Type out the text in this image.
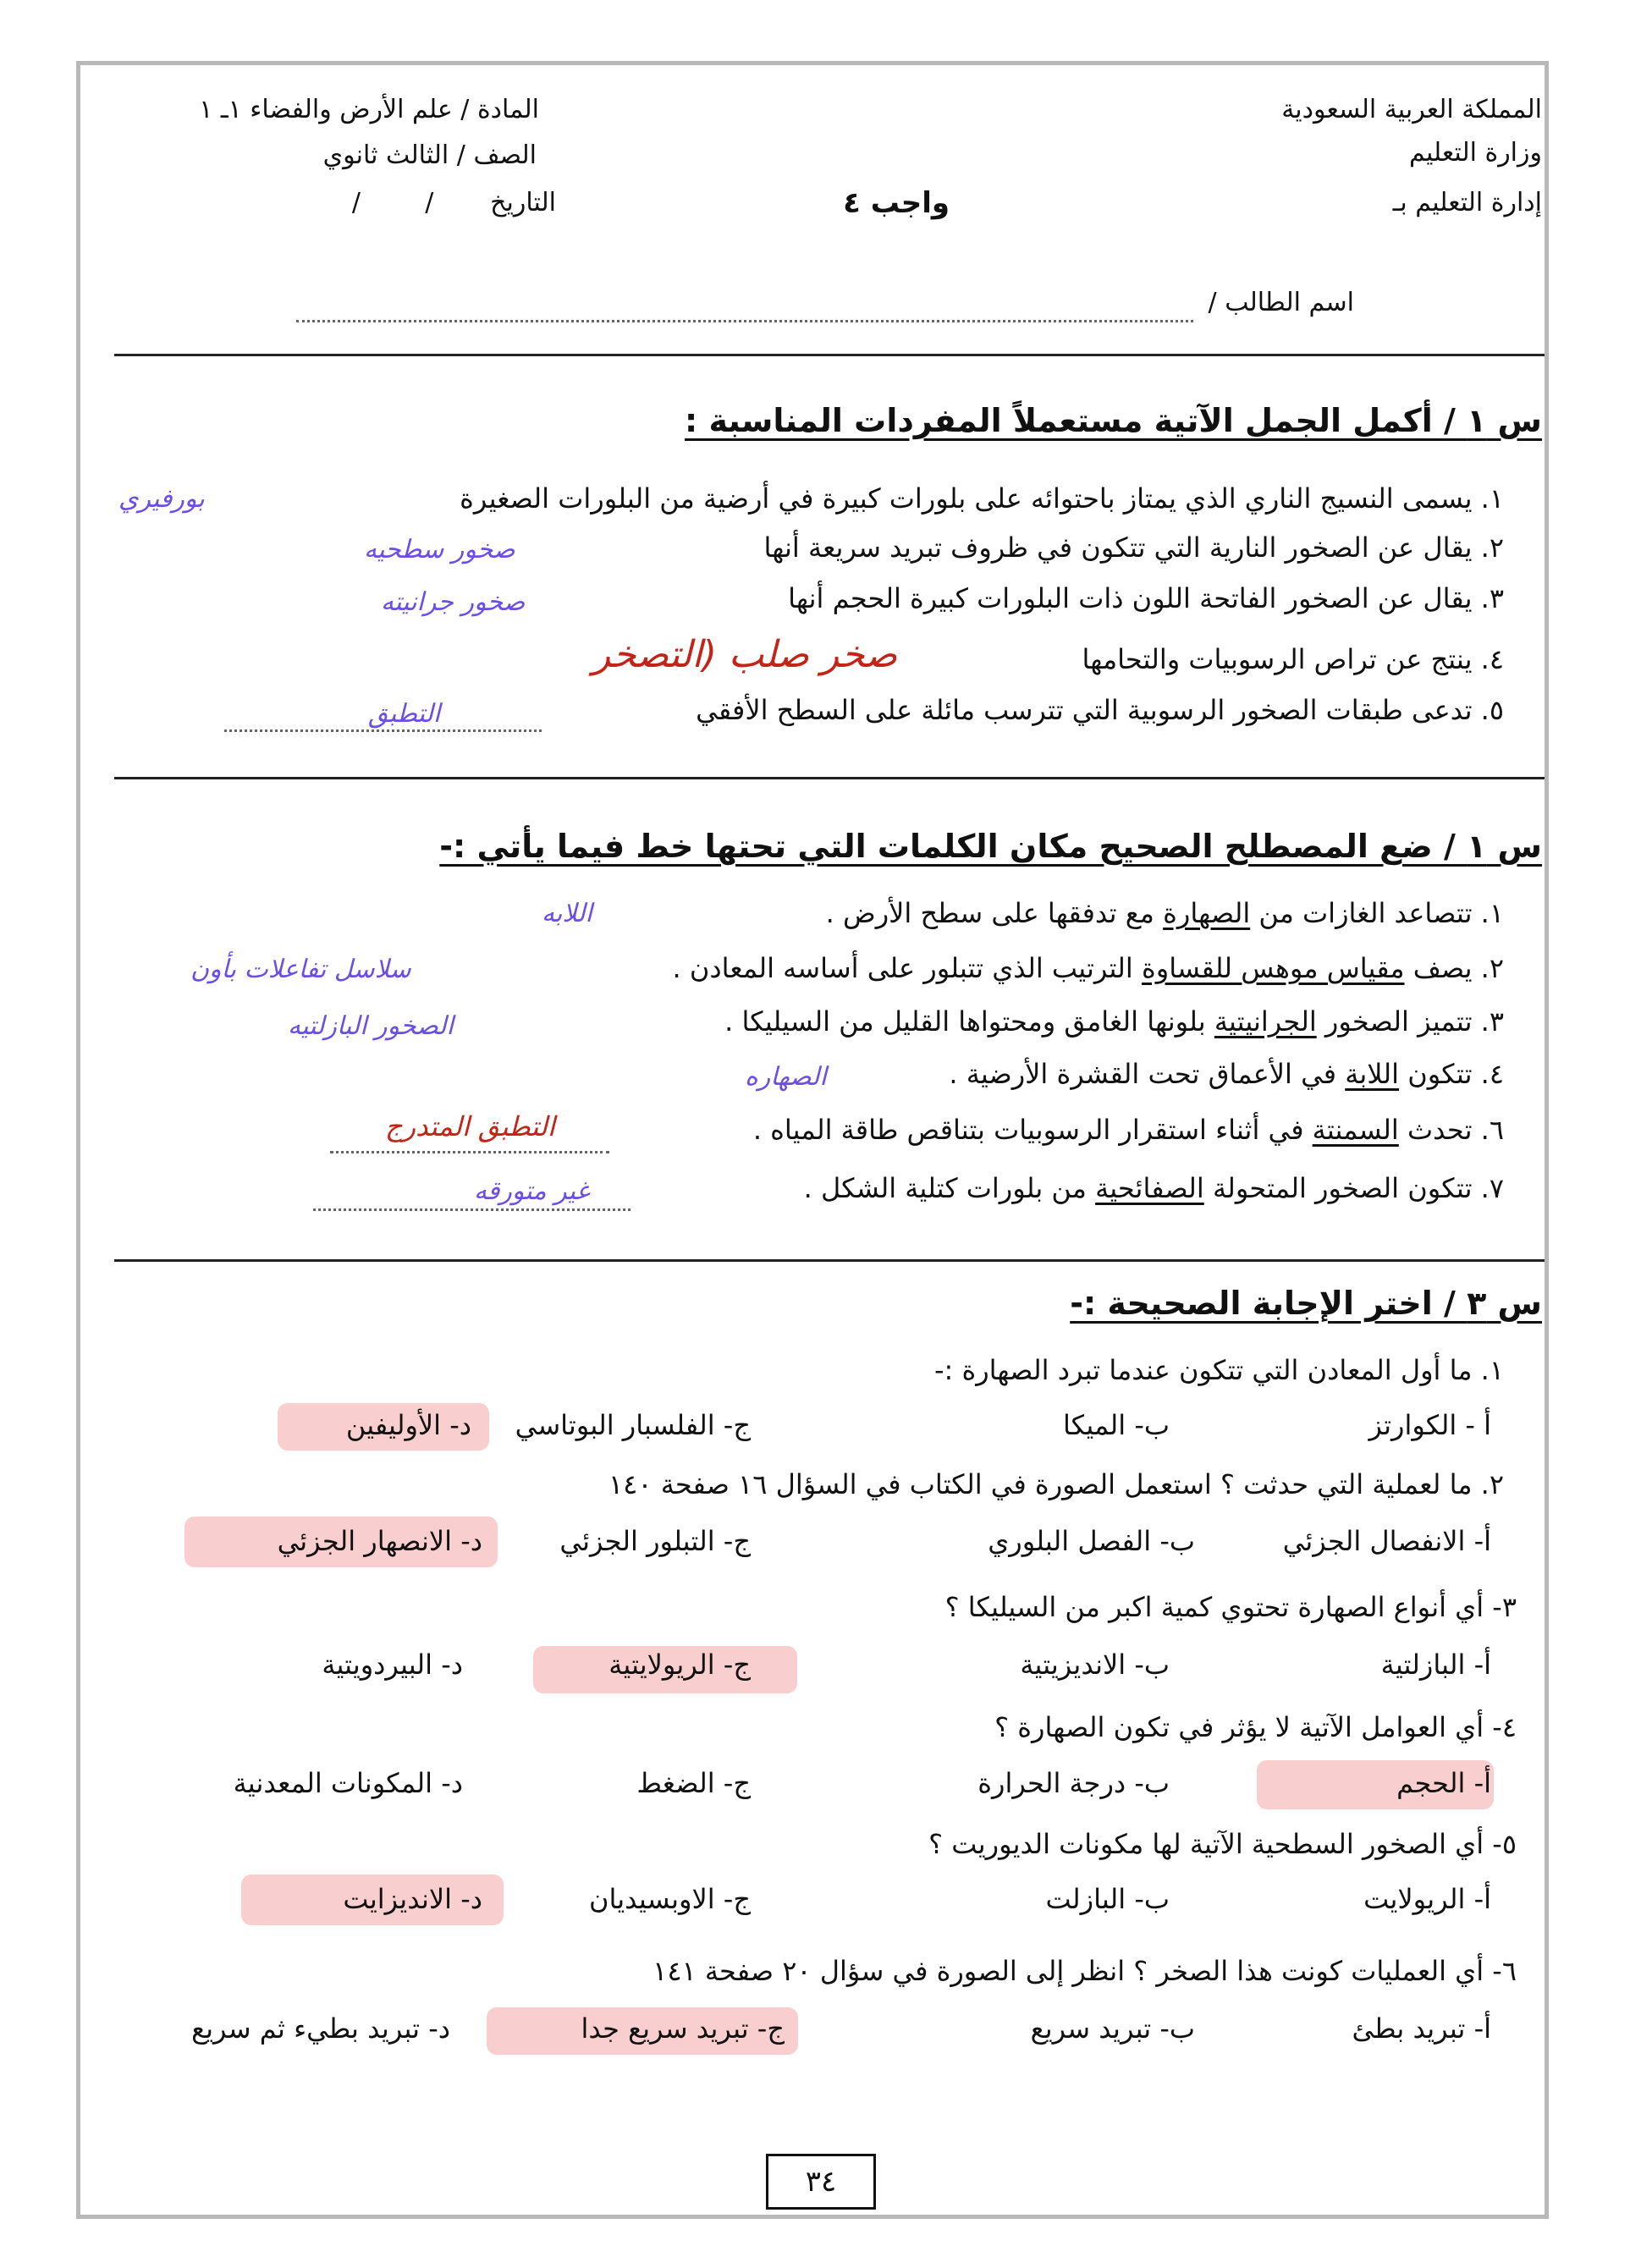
المملكة العربية السعودية
وزارة التعليم
إدارة التعليم بـ
المادة / علم الأرض والفضاء ١ـ ١
الصف / الثالث ثانوي
التاريخ       /        /	واجب ٤
اسم الطالب /
س ١ / أكمل الجمل الآتية مستعملاً المفردات المناسبة :
١. يسمى النسيج الناري الذي يمتاز باحتوائه على بلورات كبيرة في أرضية من البلورات الصغيرة
بورفيري
٢. يقال عن الصخور النارية التي تتكون في ظروف تبريد سريعة أنها
صخور سطحيه
٣. يقال عن الصخور الفاتحة اللون ذات البلورات كبيرة الحجم أنها
صخور جرانيته
٤. ينتج عن تراص الرسوبيات والتحامها
صخر صلب (التصخر
٥. تدعى طبقات الصخور الرسوبية التي تترسب مائلة على السطح الأفقي
التطبق
س ١ / ضع المصطلح الصحيح مكان الكلمات التي تحتها خط فيما يأتي :-
١. تتصاعد الغازات من الصهارة مع تدفقها على سطح الأرض .
اللابه
٢. يصف مقياس موهس للقساوة الترتيب الذي تتبلور على أساسه المعادن .
سلاسل تفاعلات بأون
٣. تتميز الصخور الجرانيتية بلونها الغامق ومحتواها القليل من السيليكا .
الصخور البازلتيه
٤. تتكون اللابة في الأعماق تحت القشرة الأرضية .
الصهاره
٦. تحدث السمنتة في أثناء استقرار الرسوبيات بتناقص طاقة المياه .
التطبق المتدرج
٧. تتكون الصخور المتحولة الصفائحية من بلورات كتلية الشكل .
غير متورقه
س ٣ / اختر الإجابة الصحيحة :-
١. ما أول المعادن التي تتكون عندما تبرد الصهارة :-
أ - الكوارتز
ب- الميكا
ج- الفلسبار البوتاسي
د- الأوليفين
٢. ما لعملية التي حدثت ؟ استعمل الصورة في الكتاب في السؤال ١٦ صفحة ١٤٠
أ- الانفصال الجزئي
ب- الفصل البلوري
ج- التبلور الجزئي
د- الانصهار الجزئي
٣- أي أنواع الصهارة تحتوي كمية اكبر من السيليكا ؟
أ- البازلتية
ب- الانديزيتية
ج- الريولايتية
د- البيردويتية
٤- أي العوامل الآتية لا يؤثر في تكون الصهارة ؟
أ- الحجم
ب- درجة الحرارة
ج- الضغط
د- المكونات المعدنية
٥- أي الصخور السطحية الآتية لها مكونات الديوريت ؟
أ- الريولايت
ب- البازلت
ج- الاوبسيديان
د- الانديزايت
٦- أي العمليات كونت هذا الصخر ؟ انظر إلى الصورة في سؤال ٢٠ صفحة ١٤١
أ- تبريد بطئ
ب- تبريد سريع
ج- تبريد سريع جدا
د- تبريد بطيء ثم سريع
٣٤
